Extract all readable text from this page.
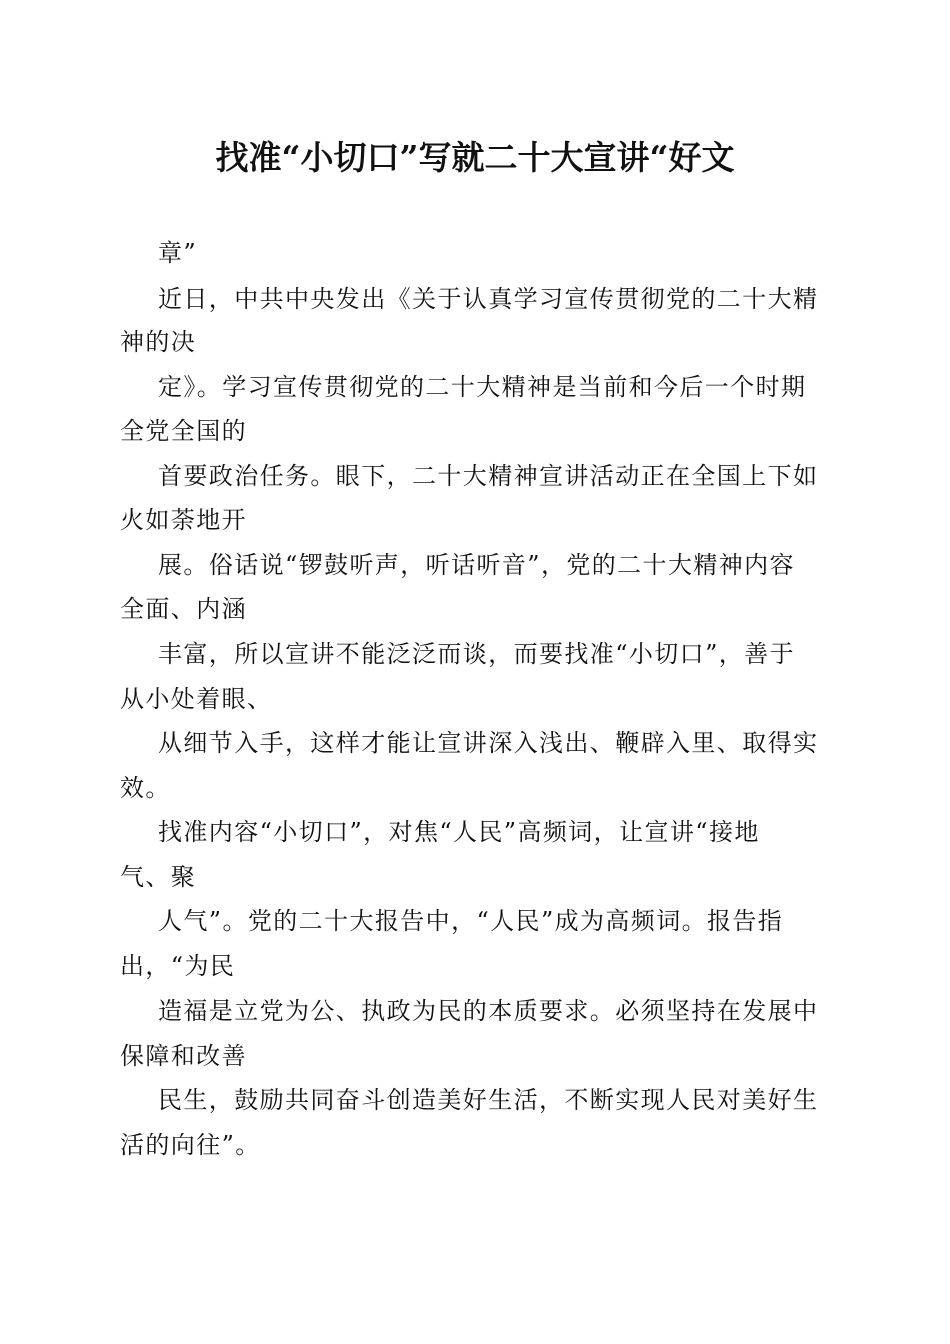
找准“小切口”写就二十大宣讲“好文
章”
近日，中共中央发出《关于认真学习宣传贯彻党的二十大精
神的决
定》。学习宣传贯彻党的二十大精神是当前和今后一个时期
全党全国的
首要政治任务。眼下，二十大精神宣讲活动正在全国上下如
火如荼地开
展。俗话说“锣鼓听声，听话听音”，党的二十大精神内容
全面、内涵
丰富，所以宣讲不能泛泛而谈，而要找准“小切口”，善于
从小处着眼、
从细节入手，这样才能让宣讲深入浅出、鞭辟入里、取得实
效。
找准内容“小切口”，对焦“人民”高频词，让宣讲“接地
气、聚
人气”。党的二十大报告中，“人民”成为高频词。报告指
出，“为民
造福是立党为公、执政为民的本质要求。必须坚持在发展中
保障和改善
民生，鼓励共同奋斗创造美好生活，不断实现人民对美好生
活的向往”。
